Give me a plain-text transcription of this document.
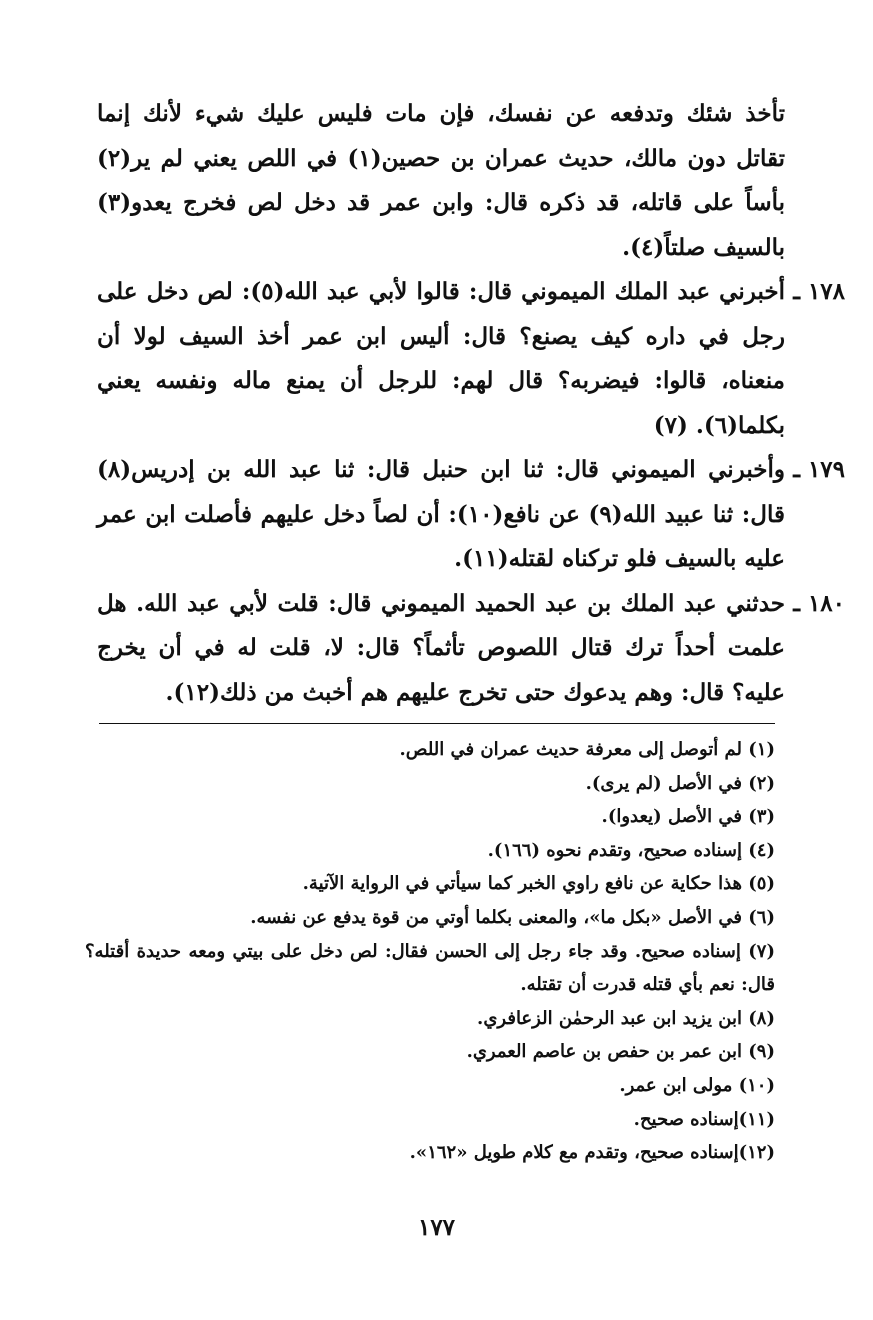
تأخذ شئك وتدفعه عن نفسك، فإن مات فليس عليك شيء لأنك إنما تقاتل دون مالك، حديث عمران بن حصين(١) في اللص يعني لم ير(٢) بأساً على قاتله، قد ذكره قال: وابن عمر قد دخل لص فخرج يعدو(٣) بالسيف صلتاً(٤).

١٧٨ ـ

أخبرني عبد الملك الميموني قال: قالوا لأبي عبد الله(٥): لص دخل على رجل في داره كيف يصنع؟ قال: أليس ابن عمر أخذ السيف لولا أن منعناه، قالوا: فيضربه؟ قال لهم: للرجل أن يمنع ماله ونفسه يعني بكلما(٦). (٧)

١٧٩ ـ

وأخبرني الميموني قال: ثنا ابن حنبل قال: ثنا عبد الله بن إدريس(٨) قال: ثنا عبيد الله(٩) عن نافع(١٠): أن لصاً دخل عليهم فأصلت ابن عمر عليه بالسيف فلو تركناه لقتله(١١).

١٨٠ ـ

حدثني عبد الملك بن عبد الحميد الميموني قال: قلت لأبي عبد الله. هل علمت أحداً ترك قتال اللصوص تأثماً؟ قال: لا، قلت له في أن يخرج عليه؟ قال: وهم يدعوك حتى تخرج عليهم هم أخبث من ذلك(١٢).

(١) لم أتوصل إلى معرفة حديث عمران في اللص.

(٢) في الأصل (لم يرى).

(٣) في الأصل (يعدوا).

(٤) إسناده صحيح، وتقدم نحوه (١٦٦).

(٥) هذا حكاية عن نافع راوي الخبر كما سيأتي في الرواية الآتية.

(٦) في الأصل «بكل ما»، والمعنى بكلما أوتي من قوة يدفع عن نفسه.

(٧) إسناده صحيح. وقد جاء رجل إلى الحسن فقال: لص دخل على بيتي ومعه حديدة أقتله؟ قال: نعم بأي قتله قدرت أن تقتله.

(٨) ابن يزيد ابن عبد الرحمٰن الزعافري.

(٩) ابن عمر بن حفص بن عاصم العمري.

(١٠) مولى ابن عمر.

(١١)إسناده صحيح.

(١٢)إسناده صحيح، وتقدم مع كلام طويل «١٦٢».

١٧٧
